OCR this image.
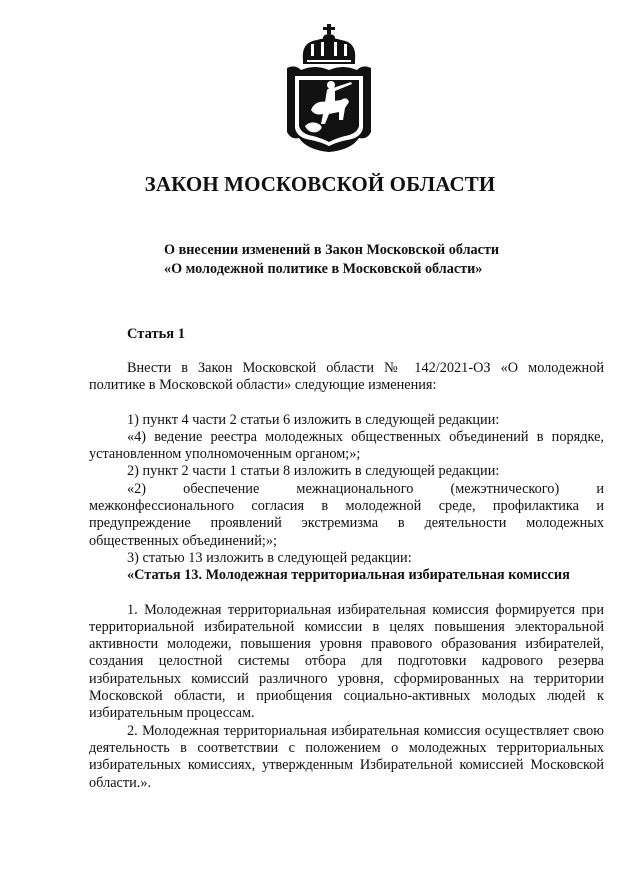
ЗАКОН МОСКОВСКОЙ ОБЛАСТИ
О внесении изменений в Закон Московской области
«О молодежной политике в Московской области»
Статья 1

Внести в Закон Московской области № 142/2021-ОЗ «О молодежной политике в Московской области» следующие изменения:

1) пункт 4 части 2 статьи 6 изложить в следующей редакции:

«4) ведение реестра молодежных общественных объединений в порядке, установленном уполномоченным органом;»;

2) пункт 2 части 1 статьи 8 изложить в следующей редакции:

«2) обеспечение межнационального (межэтнического) и межконфессионального согласия в молодежной среде, профилактика и предупреждение проявлений экстремизма в деятельности молодежных общественных объединений;»;

3) статью 13 изложить в следующей редакции:

«Статья 13. Молодежная территориальная избирательная комиссия

1. Молодежная территориальная избирательная комиссия формируется при территориальной избирательной комиссии в целях повышения электоральной активности молодежи, повышения уровня правового образования избирателей, создания целостной системы отбора для подготовки кадрового резерва избирательных комиссий различного уровня, сформированных на территории Московской области, и приобщения социально-активных молодых людей к избирательным процессам.

2. Молодежная территориальная избирательная комиссия осуществляет свою деятельность в соответствии с положением о молодежных территориальных избирательных комиссиях, утвержденным Избирательной комиссией Московской области.».
